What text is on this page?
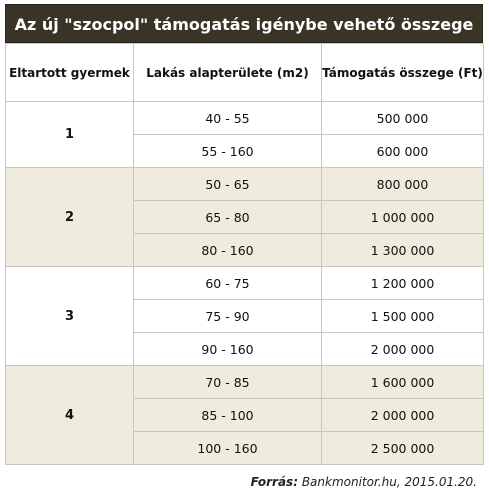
Az új "szocpol" támogatás igénybe vehető összege
Eltartott gyermek	Lakás alapterülete (m2)	Támogatás összege (Ft)
1	40 - 55	500 000
	55 - 160	600 000
2	50 - 65	800 000
	65 - 80	1 000 000
	80 - 160	1 300 000
3	60 - 75	1 200 000
	75 - 90	1 500 000
	90 - 160	2 000 000
4	70 - 85	1 600 000
	85 - 100	2 000 000
	100 - 160	2 500 000
Forrás: Bankmonitor.hu, 2015.01.20.
